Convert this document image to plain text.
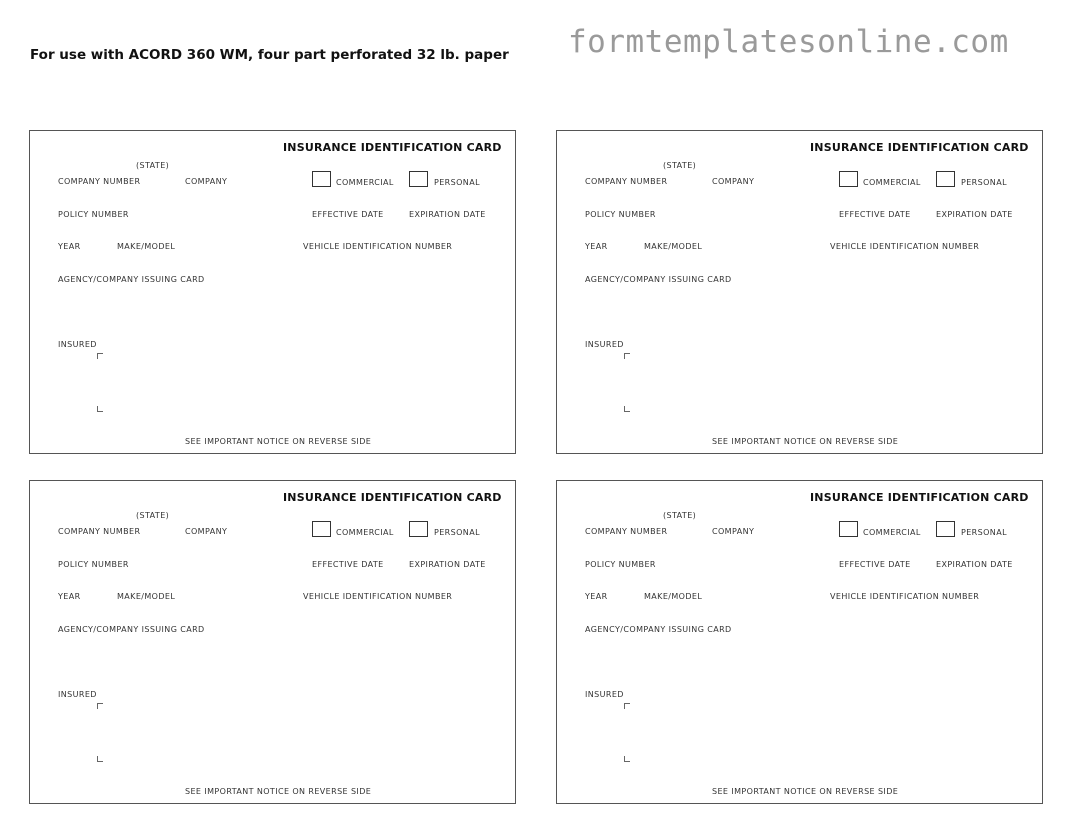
For use with ACORD 360 WM, four part perforated 32 lb. paper formtemplatesonline.com
INSURANCE IDENTIFICATION CARD
(STATE)
COMPANY NUMBER	COMPANY	COMMERCIAL	PERSONAL
POLICY NUMBER	EFFECTIVE DATE	EXPIRATION DATE
YEAR	MAKE/MODEL	VEHICLE IDENTIFICATION NUMBER
AGENCY/COMPANY ISSUING CARD
INSURED
SEE IMPORTANT NOTICE ON REVERSE SIDE
INSURANCE IDENTIFICATION CARD
(STATE)
COMPANY NUMBER	COMPANY	COMMERCIAL	PERSONAL
POLICY NUMBER	EFFECTIVE DATE	EXPIRATION DATE
YEAR	MAKE/MODEL	VEHICLE IDENTIFICATION NUMBER
AGENCY/COMPANY ISSUING CARD
INSURED
SEE IMPORTANT NOTICE ON REVERSE SIDE
INSURANCE IDENTIFICATION CARD
(STATE)
COMPANY NUMBER	COMPANY	COMMERCIAL	PERSONAL
POLICY NUMBER	EFFECTIVE DATE	EXPIRATION DATE
YEAR	MAKE/MODEL	VEHICLE IDENTIFICATION NUMBER
AGENCY/COMPANY ISSUING CARD
INSURED
SEE IMPORTANT NOTICE ON REVERSE SIDE
INSURANCE IDENTIFICATION CARD
(STATE)
COMPANY NUMBER	COMPANY	COMMERCIAL	PERSONAL
POLICY NUMBER	EFFECTIVE DATE	EXPIRATION DATE
YEAR	MAKE/MODEL	VEHICLE IDENTIFICATION NUMBER
AGENCY/COMPANY ISSUING CARD
INSURED
SEE IMPORTANT NOTICE ON REVERSE SIDE
